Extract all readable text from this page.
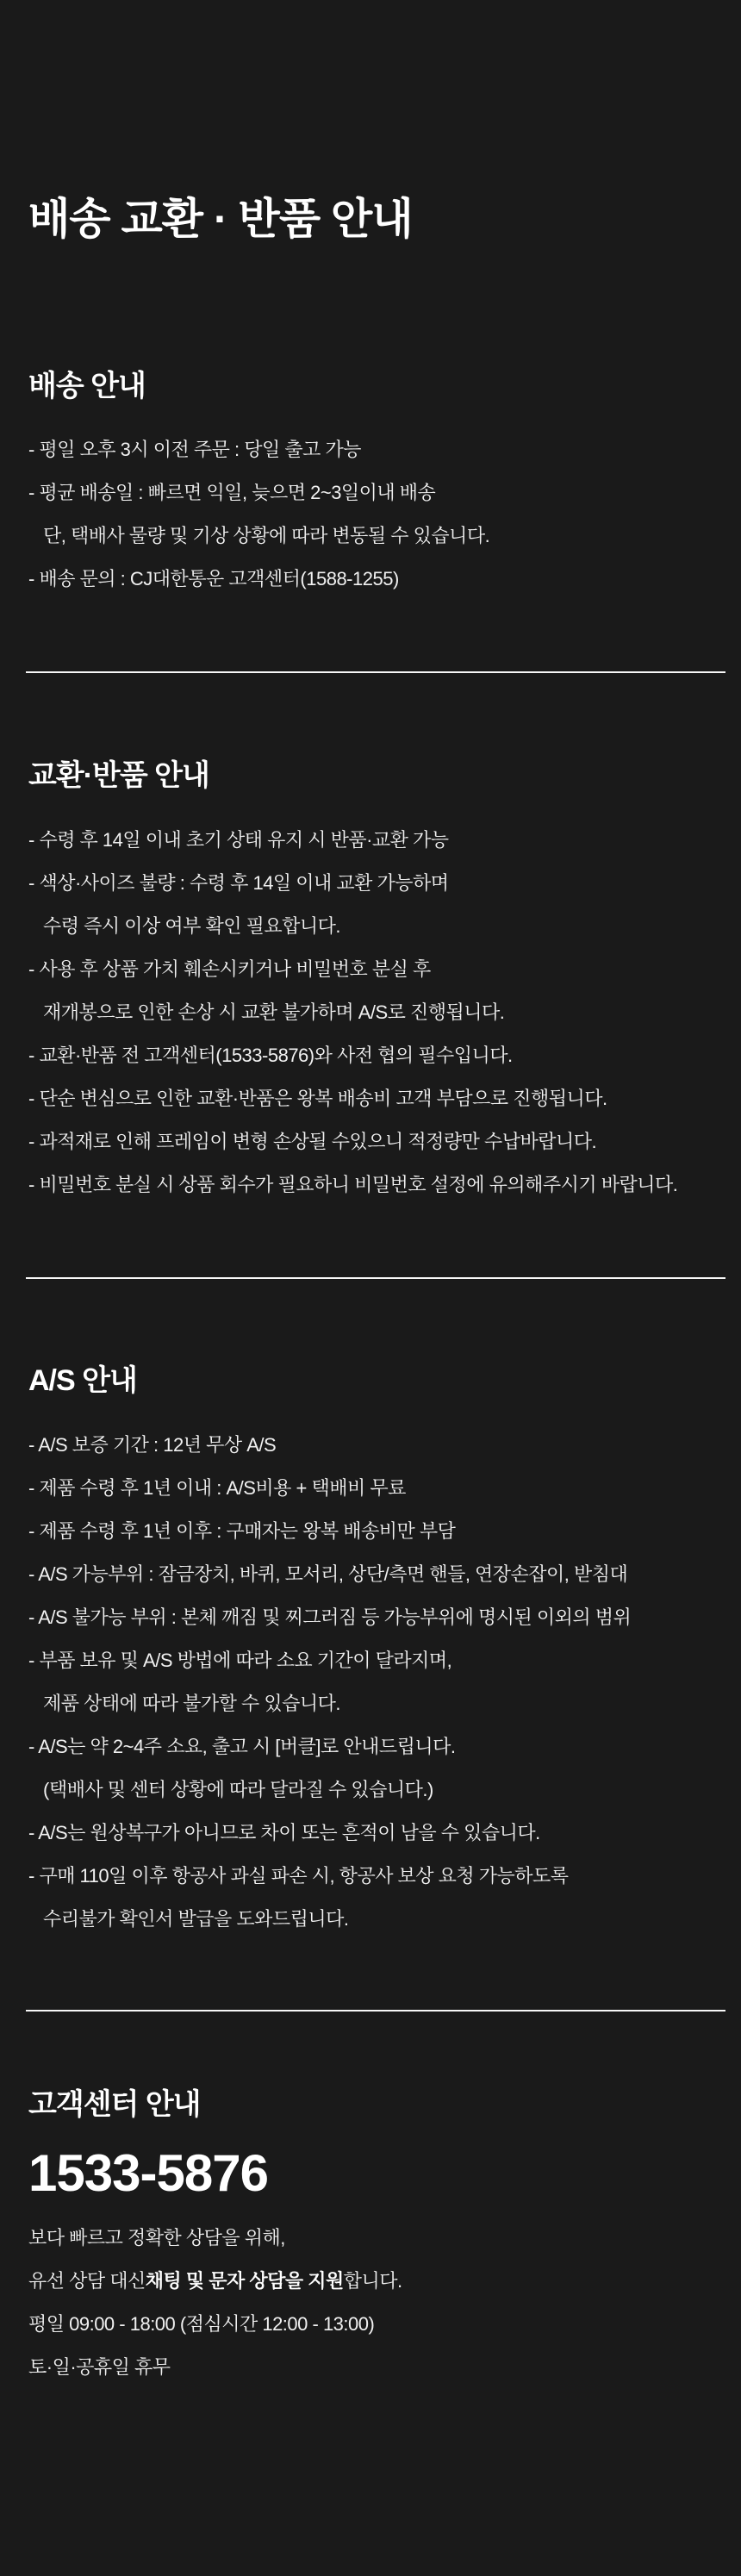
배송 교환 · 반품 안내
배송 안내
- 평일 오후 3시 이전 주문 : 당일 출고 가능
- 평균 배송일 : 빠르면 익일, 늦으면 2~3일이내 배송
단, 택배사 물량 및 기상 상황에 따라 변동될 수 있습니다.
- 배송 문의 : CJ대한통운 고객센터(1588-1255)
교환·반품 안내
- 수령 후 14일 이내 초기 상태 유지 시 반품·교환 가능
- 색상·사이즈 불량 : 수령 후 14일 이내 교환 가능하며
수령 즉시 이상 여부 확인 필요합니다.
- 사용 후 상품 가치 훼손시키거나 비밀번호 분실 후
재개봉으로 인한 손상 시 교환 불가하며 A/S로 진행됩니다.
- 교환·반품 전 고객센터(1533-5876)와 사전 협의 필수입니다.
- 단순 변심으로 인한 교환·반품은 왕복 배송비 고객 부담으로 진행됩니다.
- 과적재로 인해 프레임이 변형 손상될 수있으니 적정량만 수납바랍니다.
- 비밀번호 분실 시 상품 회수가 필요하니 비밀번호 설정에 유의해주시기 바랍니다.
A/S 안내
- A/S 보증 기간 : 12년 무상 A/S
- 제품 수령 후 1년 이내 : A/S비용 + 택배비 무료
- 제품 수령 후 1년 이후 : 구매자는 왕복 배송비만 부담
- A/S 가능부위 : 잠금장치, 바퀴, 모서리, 상단/측면 핸들, 연장손잡이, 받침대
- A/S 불가능 부위 : 본체 깨짐 및 찌그러짐 등 가능부위에 명시된 이외의 범위
- 부품 보유 및 A/S 방법에 따라 소요 기간이 달라지며,
제품 상태에 따라 불가할 수 있습니다.
- A/S는 약 2~4주 소요, 출고 시 [버클]로 안내드립니다.
(택배사 및 센터 상황에 따라 달라질 수 있습니다.)
- A/S는 원상복구가 아니므로 차이 또는 흔적이 남을 수 있습니다.
- 구매 110일 이후 항공사 과실 파손 시, 항공사 보상 요청 가능하도록
수리불가 확인서 발급을 도와드립니다.
고객센터 안내
1533-5876
보다 빠르고 정확한 상담을 위해,
유선 상담 대신 채팅 및 문자 상담을 지원 합니다.
평일 09:00 - 18:00 (점심시간 12:00 - 13:00)
토·일·공휴일 휴무
